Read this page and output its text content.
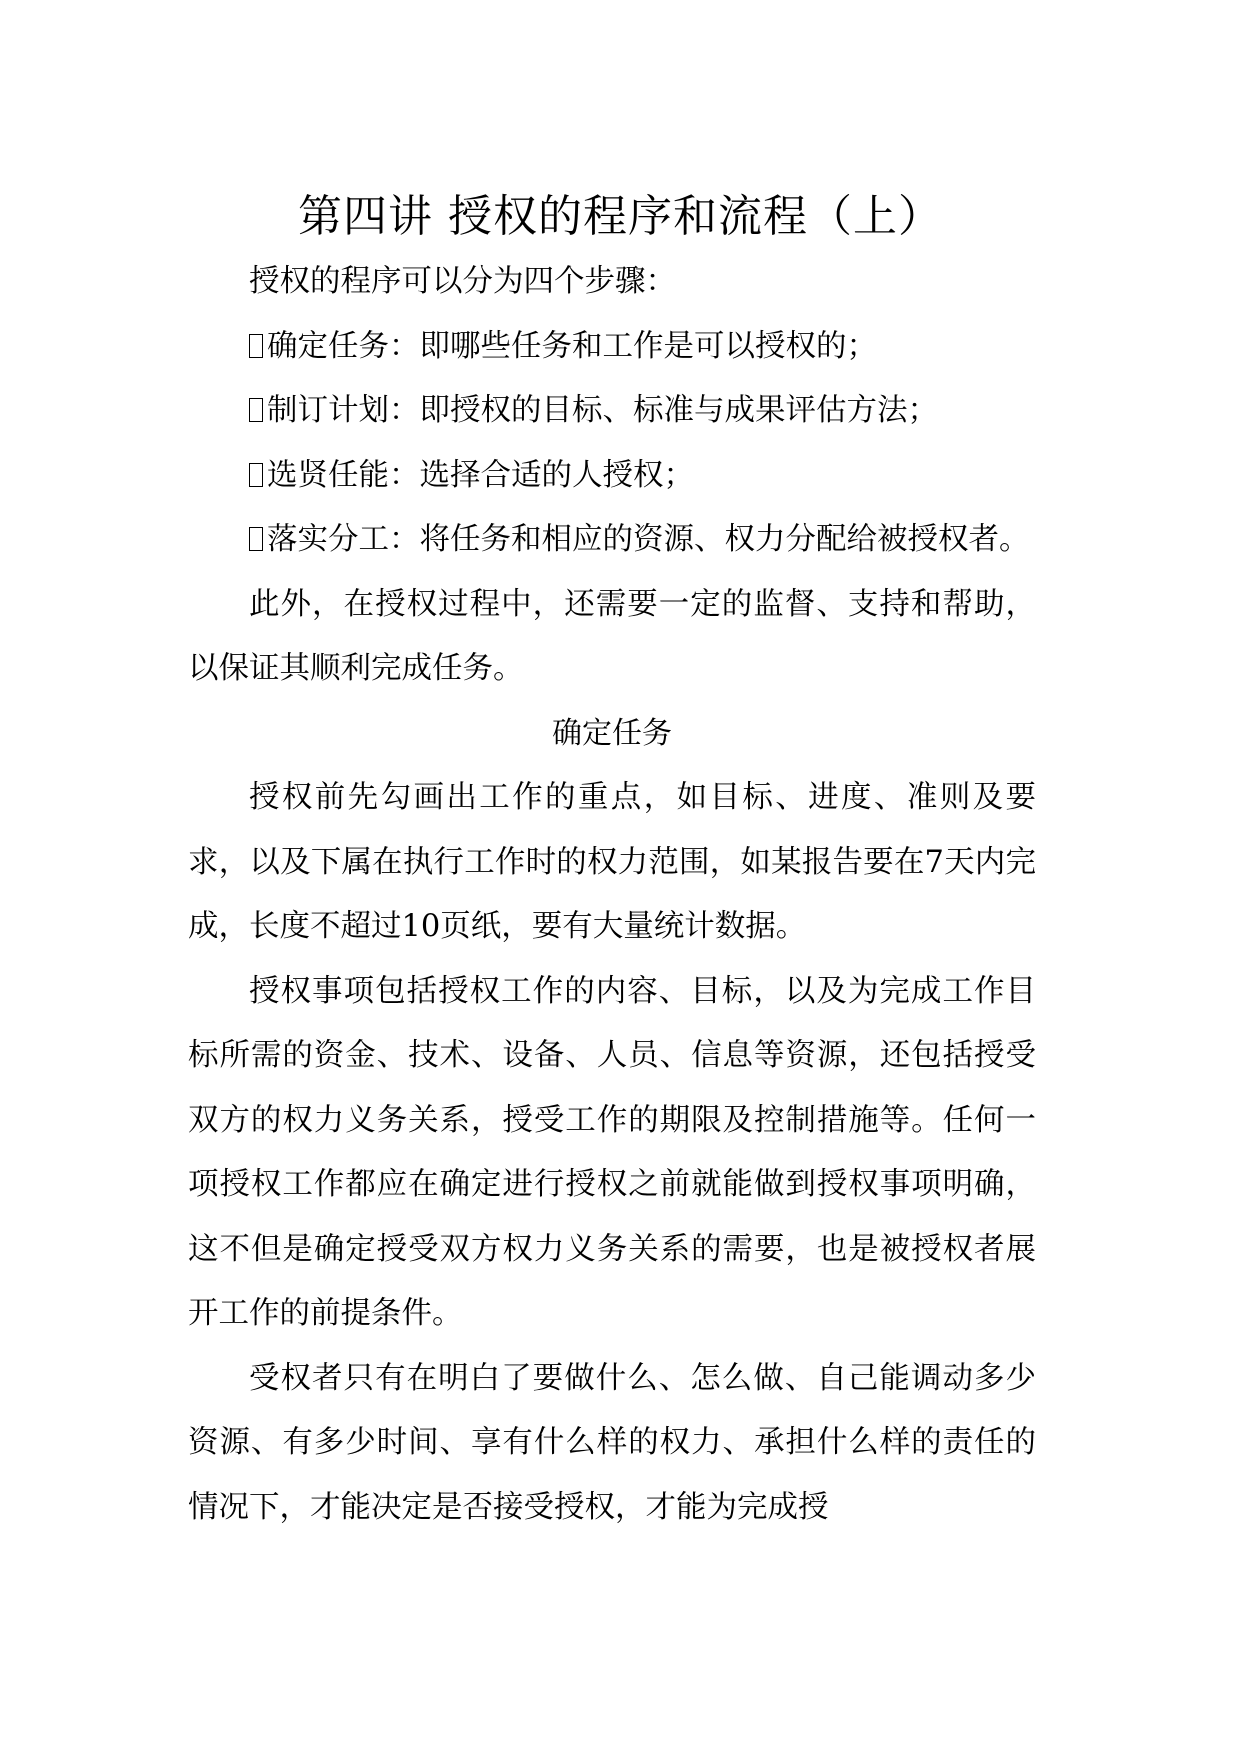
第四讲 授权的程序和流程（上）

授权的程序可以分为四个步骤：

确定任务：即哪些任务和工作是可以授权的；

制订计划：即授权的目标、标准与成果评估方法；

选贤任能：选择合适的人授权；

落实分工：将任务和相应的资源、权力分配给被授权者。

此外，在授权过程中，还需要一定的监督、支持和帮助，以保证其顺利完成任务。

确定任务

授权前先勾画出工作的重点，如目标、进度、准则及要求，以及下属在执行工作时的权力范围，如某报告要在7天内完成，长度不超过10页纸，要有大量统计数据。

授权事项包括授权工作的内容、目标，以及为完成工作目标所需的资金、技术、设备、人员、信息等资源，还包括授受双方的权力义务关系，授受工作的期限及控制措施等。任何一项授权工作都应在确定进行授权之前就能做到授权事项明确，这不但是确定授受双方权力义务关系的需要，也是被授权者展开工作的前提条件。

受权者只有在明白了要做什么、怎么做、自己能调动多少资源、有多少时间、享有什么样的权力、承担什么样的责任的情况下，才能决定是否接受授权，才能为完成授
